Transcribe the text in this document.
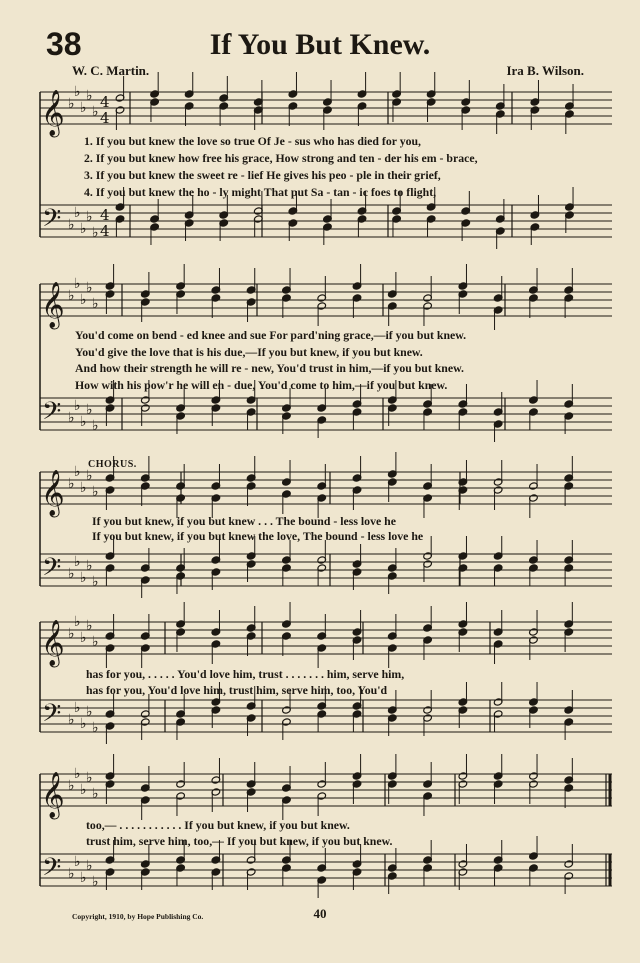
38	If You But Knew.
W. C. Martin.	Ira B. Wilson.
𝄞 ♭
♭
♭
♭
♭
4
4
𝄢 ♭
♭
♭
♭
♭
4
4
𝄞 ♭
♭
♭
♭
♭
𝄢 ♭
♭
♭
♭
♭
𝄞 ♭
♭
♭
♭
♭
𝄢 ♭
♭
♭
♭
♭
𝄞 ♭
♭
♭
♭
♭
𝄢 ♭
♭
♭
♭
♭
𝄞 ♭
♭
♭
♭
♭
𝄢 ♭
♭
♭
♭
♭
1. If you but knew the love so true Of Je - sus who has died for you,
2. If you but knew how free his grace, How strong and ten - der his em - brace,
3. If you but knew the sweet re - lief He gives his peo - ple in their grief,
4. If you but knew the ho - ly might That put Sa - tan - ic foes to flight,
You'd come on bend - ed knee and sue For pard'ning grace,—if you but knew.
You'd give the love that is his due,—If you but knew, if you but knew.
And how their strength he will re - new, You'd trust in him,—if you but knew.
How with his pow'r he will en - due, You'd come to him,—if you but knew.
CHORUS.
If you but knew, if you but knew . . . The bound - less love he
If you but knew, if you but knew the love, The bound - less love he
has for you, . . . . . You'd love him, trust . . . . . . . him, serve him,
has for you, You'd love him, trust him, serve him, too, You'd
too,— . . . . . . . . . . . If you but knew, if you but knew.
trust him, serve him, too,— If you but knew, if you but knew.
Copyright, 1910, by Hope Publishing Co.	40
